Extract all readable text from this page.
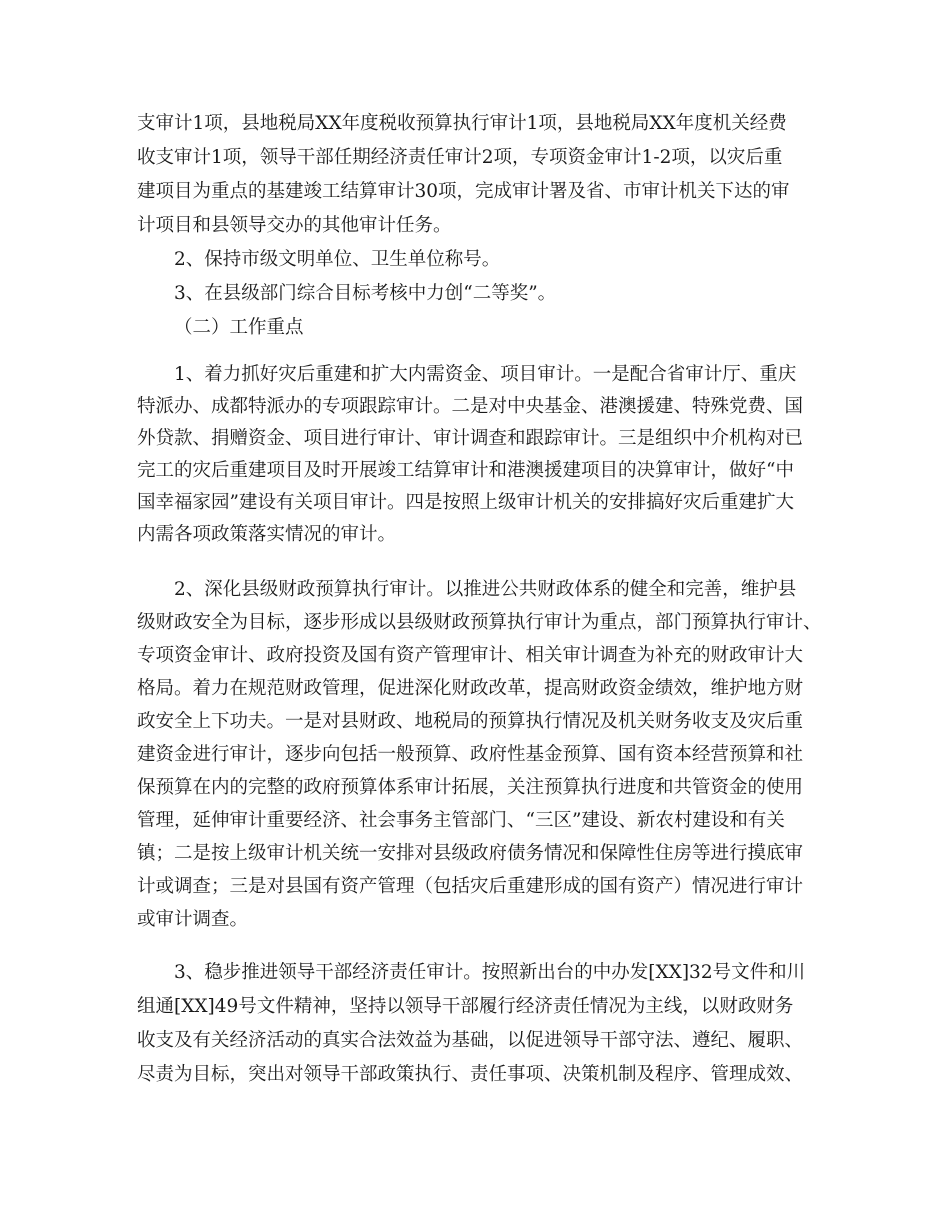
支审计1项，县地税局XX年度税收预算执行审计1项，县地税局XX年度机关经费
收支审计1项，领导干部任期经济责任审计2项，专项资金审计1-2项，以灾后重
建项目为重点的基建竣工结算审计30项，完成审计署及省、市审计机关下达的审
计项目和县领导交办的其他审计任务。
2、保持市级文明单位、卫生单位称号。
3、在县级部门综合目标考核中力创“二等奖”。
（二）工作重点
1、着力抓好灾后重建和扩大内需资金、项目审计。一是配合省审计厅、重庆
特派办、成都特派办的专项跟踪审计。二是对中央基金、港澳援建、特殊党费、国
外贷款、捐赠资金、项目进行审计、审计调查和跟踪审计。三是组织中介机构对已
完工的灾后重建项目及时开展竣工结算审计和港澳援建项目的决算审计，做好“中
国幸福家园”建设有关项目审计。四是按照上级审计机关的安排搞好灾后重建扩大
内需各项政策落实情况的审计。
2、深化县级财政预算执行审计。以推进公共财政体系的健全和完善，维护县
级财政安全为目标，逐步形成以县级财政预算执行审计为重点，部门预算执行审计、
专项资金审计、政府投资及国有资产管理审计、相关审计调查为补充的财政审计大
格局。着力在规范财政管理，促进深化财政改革，提高财政资金绩效，维护地方财
政安全上下功夫。一是对县财政、地税局的预算执行情况及机关财务收支及灾后重
建资金进行审计，逐步向包括一般预算、政府性基金预算、国有资本经营预算和社
保预算在内的完整的政府预算体系审计拓展，关注预算执行进度和共管资金的使用
管理，延伸审计重要经济、社会事务主管部门、“三区”建设、新农村建设和有关
镇；二是按上级审计机关统一安排对县级政府债务情况和保障性住房等进行摸底审
计或调查；三是对县国有资产管理（包括灾后重建形成的国有资产）情况进行审计
或审计调查。
3、稳步推进领导干部经济责任审计。按照新出台的中办发[XX]32号文件和川
组通[XX]49号文件精神，坚持以领导干部履行经济责任情况为主线，以财政财务
收支及有关经济活动的真实合法效益为基础，以促进领导干部守法、遵纪、履职、
尽责为目标，突出对领导干部政策执行、责任事项、决策机制及程序、管理成效、
